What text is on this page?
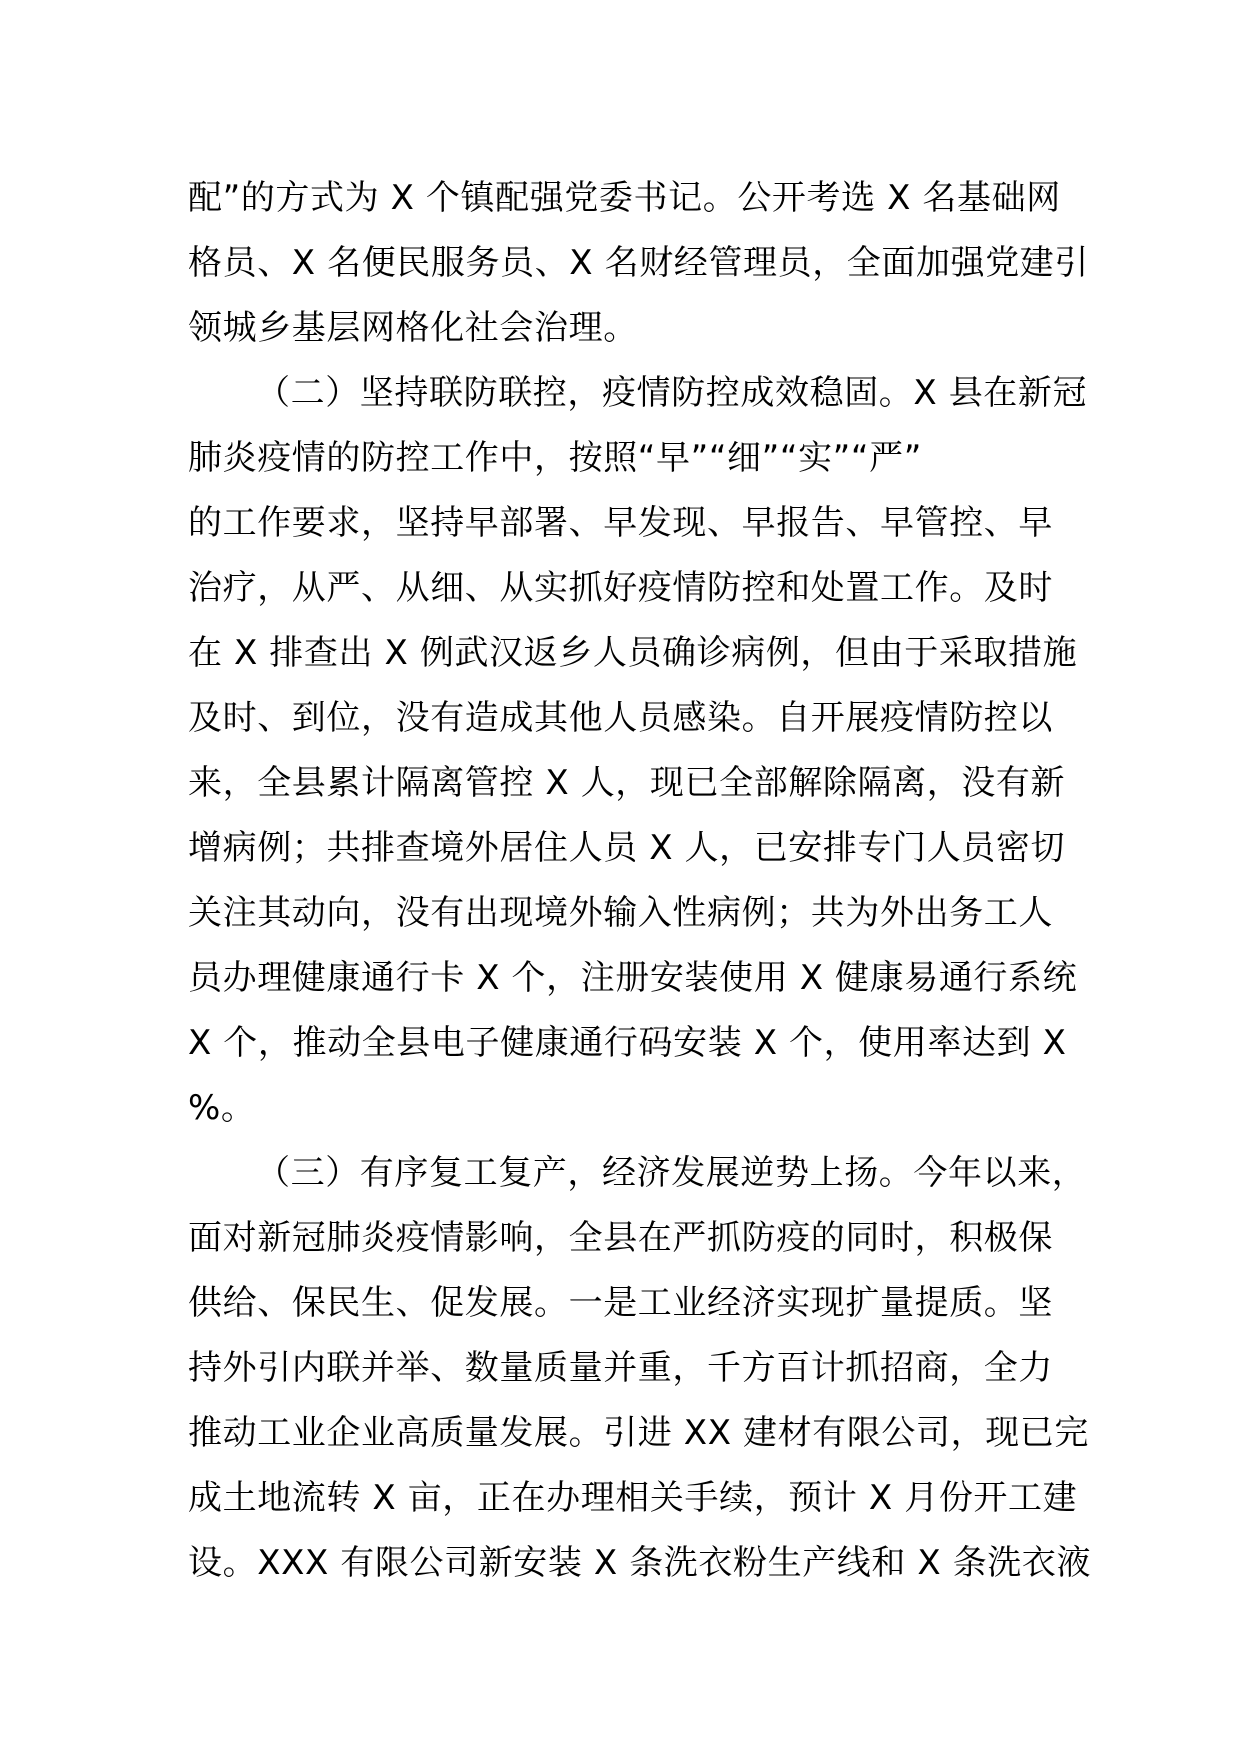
配”的方式为 X 个镇配强党委书记。公开考选 X 名基础网
格员、X 名便民服务员、X 名财经管理员，全面加强党建引
领城乡基层网格化社会治理。
（二）坚持联防联控，疫情防控成效稳固。X 县在新冠
肺炎疫情的防控工作中，按照“早”“细”“实”“严”
的工作要求，坚持早部署、早发现、早报告、早管控、早
治疗，从严、从细、从实抓好疫情防控和处置工作。及时
在 X 排查出 X 例武汉返乡人员确诊病例，但由于采取措施
及时、到位，没有造成其他人员感染。自开展疫情防控以
来，全县累计隔离管控 X 人，现已全部解除隔离，没有新
增病例；共排查境外居住人员 X 人，已安排专门人员密切
关注其动向，没有出现境外输入性病例；共为外出务工人
员办理健康通行卡 X 个，注册安装使用 X 健康易通行系统
X 个，推动全县电子健康通行码安装 X 个，使用率达到 X
%。
（三）有序复工复产，经济发展逆势上扬。今年以来，
面对新冠肺炎疫情影响，全县在严抓防疫的同时，积极保
供给、保民生、促发展。一是工业经济实现扩量提质。坚
持外引内联并举、数量质量并重，千方百计抓招商，全力
推动工业企业高质量发展。引进 XX 建材有限公司，现已完
成土地流转 X 亩，正在办理相关手续，预计 X 月份开工建
设。XXX 有限公司新安装 X 条洗衣粉生产线和 X 条洗衣液
